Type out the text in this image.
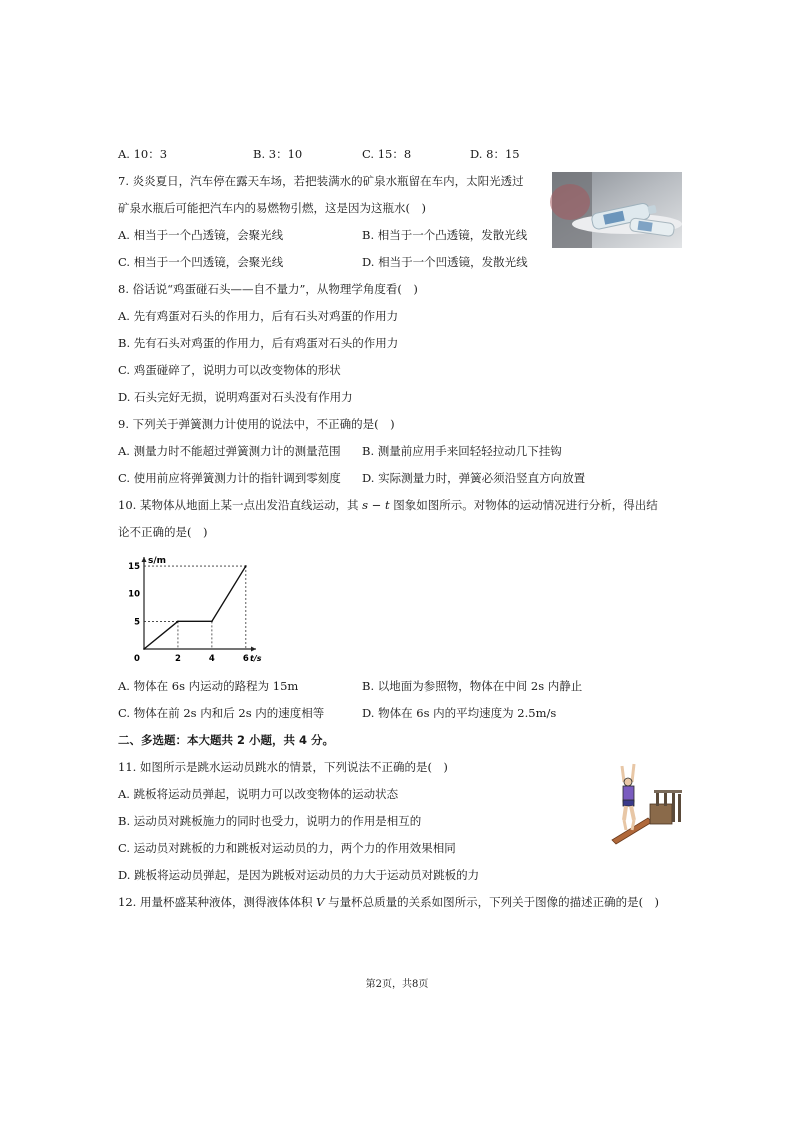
A. 10：3	B. 3：10	C. 15：8	D. 8：15
7. 炎炎夏日，汽车停在露天车场，若把装满水的矿泉水瓶留在车内，太阳光透过
矿泉水瓶后可能把汽车内的易燃物引燃，这是因为这瓶水(　)
A. 相当于一个凸透镜，会聚光线	B. 相当于一个凸透镜，发散光线
C. 相当于一个凹透镜，会聚光线	D. 相当于一个凹透镜，发散光线
8. 俗话说“鸡蛋碰石头——自不量力”，从物理学角度看(　)
A. 先有鸡蛋对石头的作用力，后有石头对鸡蛋的作用力
B. 先有石头对鸡蛋的作用力，后有鸡蛋对石头的作用力
C. 鸡蛋碰碎了，说明力可以改变物体的形状
D. 石头完好无损，说明鸡蛋对石头没有作用力
9. 下列关于弹簧测力计使用的说法中，不正确的是(　)
A. 测量力时不能超过弹簧测力计的测量范围 B. 测量前应用手来回轻轻拉动几下挂钩
C. 使用前应将弹簧测力计的指针调到零刻度 D. 实际测量力时，弹簧必须沿竖直方向放置
10. 某物体从地面上某一点出发沿直线运动，其 s − t 图象如图所示。对物体的运动情况进行分析，得出结
论不正确的是(　)
s/m
t/s
0	2	4	6
5
10
15
A. 物体在 6s 内运动的路程为 15m	B. 以地面为参照物，物体在中间 2s 内静止
C. 物体在前 2s 内和后 2s 内的速度相等	D. 物体在 6s 内的平均速度为 2.5m/s
二、多选题：本大题共 2 小题，共 4 分。
11. 如图所示是跳水运动员跳水的情景，下列说法不正确的是(　)
A. 跳板将运动员弹起，说明力可以改变物体的运动状态
B. 运动员对跳板施力的同时也受力，说明力的作用是相互的
C. 运动员对跳板的力和跳板对运动员的力，两个力的作用效果相同
D. 跳板将运动员弹起，是因为跳板对运动员的力大于运动员对跳板的力
12. 用量杯盛某种液体，测得液体体积 V 与量杯总质量的关系如图所示，下列关于图像的描述正确的是(　)
第2页，共8页
